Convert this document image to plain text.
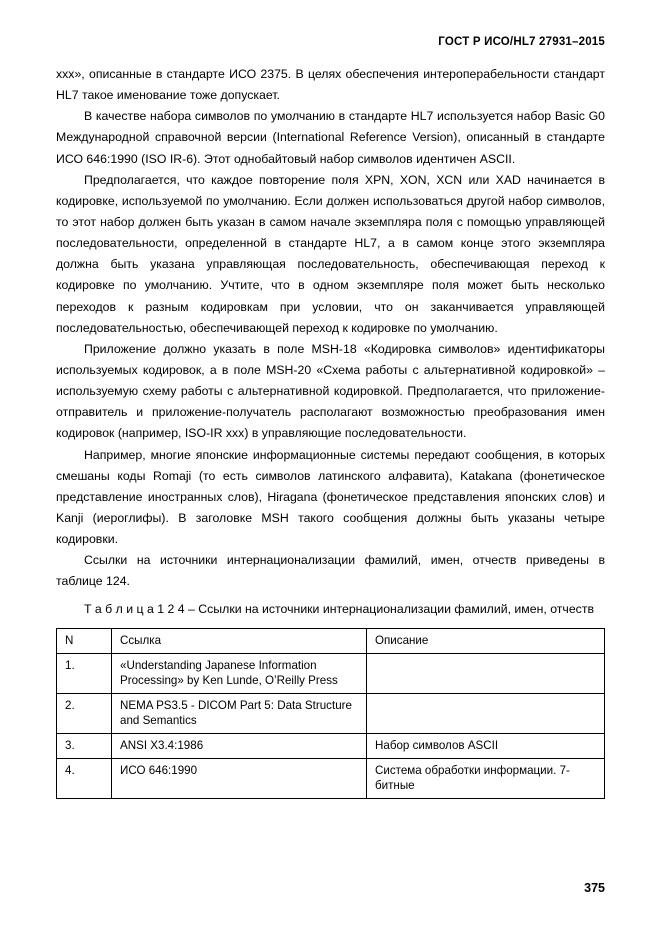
ГОСТ Р ИСО/HL7 27931–2015

xxx», описанные в стандарте ИСО 2375. В целях обеспечения интероперабельности стандарт HL7 такое именование тоже допускает.

В качестве набора символов по умолчанию в стандарте HL7 используется набор Basic G0 Международной справочной версии (International Reference Version), описанный в стандарте ИСО 646:1990 (ISO IR-6). Этот однобайтовый набор символов идентичен ASCII.

Предполагается, что каждое повторение поля XPN, XON, XCN или XAD начинается в кодировке, используемой по умолчанию. Если должен использоваться другой набор символов, то этот набор должен быть указан в самом начале экземпляра поля с помощью управляющей последовательности, определенной в стандарте HL7, а в самом конце этого экземпляра должна быть указана управляющая последовательность, обеспечивающая переход к кодировке по умолчанию. Учтите, что в одном экземпляре поля может быть несколько переходов к разным кодировкам при условии, что он заканчивается управляющей последовательностью, обеспечивающей переход к кодировке по умолчанию.

Приложение должно указать в поле MSH-18 «Кодировка символов» идентификаторы используемых кодировок, а в поле MSH-20 «Схема работы с альтернативной кодировкой» – используемую схему работы с альтернативной кодировкой. Предполагается, что приложение-отправитель и приложение-получатель располагают возможностью преобразования имен кодировок (например, ISO-IR xxx) в управляющие последовательности.

Например, многие японские информационные системы передают сообщения, в которых смешаны коды Romaji (то есть символов латинского алфавита), Katakana (фонетическое представление иностранных слов), Hiragana (фонетическое представления японских слов) и Kanji (иероглифы). В заголовке MSH такого сообщения должны быть указаны четыре кодировки.

Ссылки на источники интернационализации фамилий, имен, отчеств приведены в таблице 124.

Т а б л и ц а 1 2 4 – Ссылки на источники интернационализации фамилий, имен, отчеств
N	Ссылка	Описание
1.	«Understanding Japanese Information Processing» by Ken Lunde, O’Reilly Press	
2.	NEMA PS3.5 - DICOM Part 5: Data Structure and Semantics	
3.	ANSI X3.4:1986	Набор символов ASCII
4.	ИСО 646:1990	Система обработки информации. 7-битные
375
